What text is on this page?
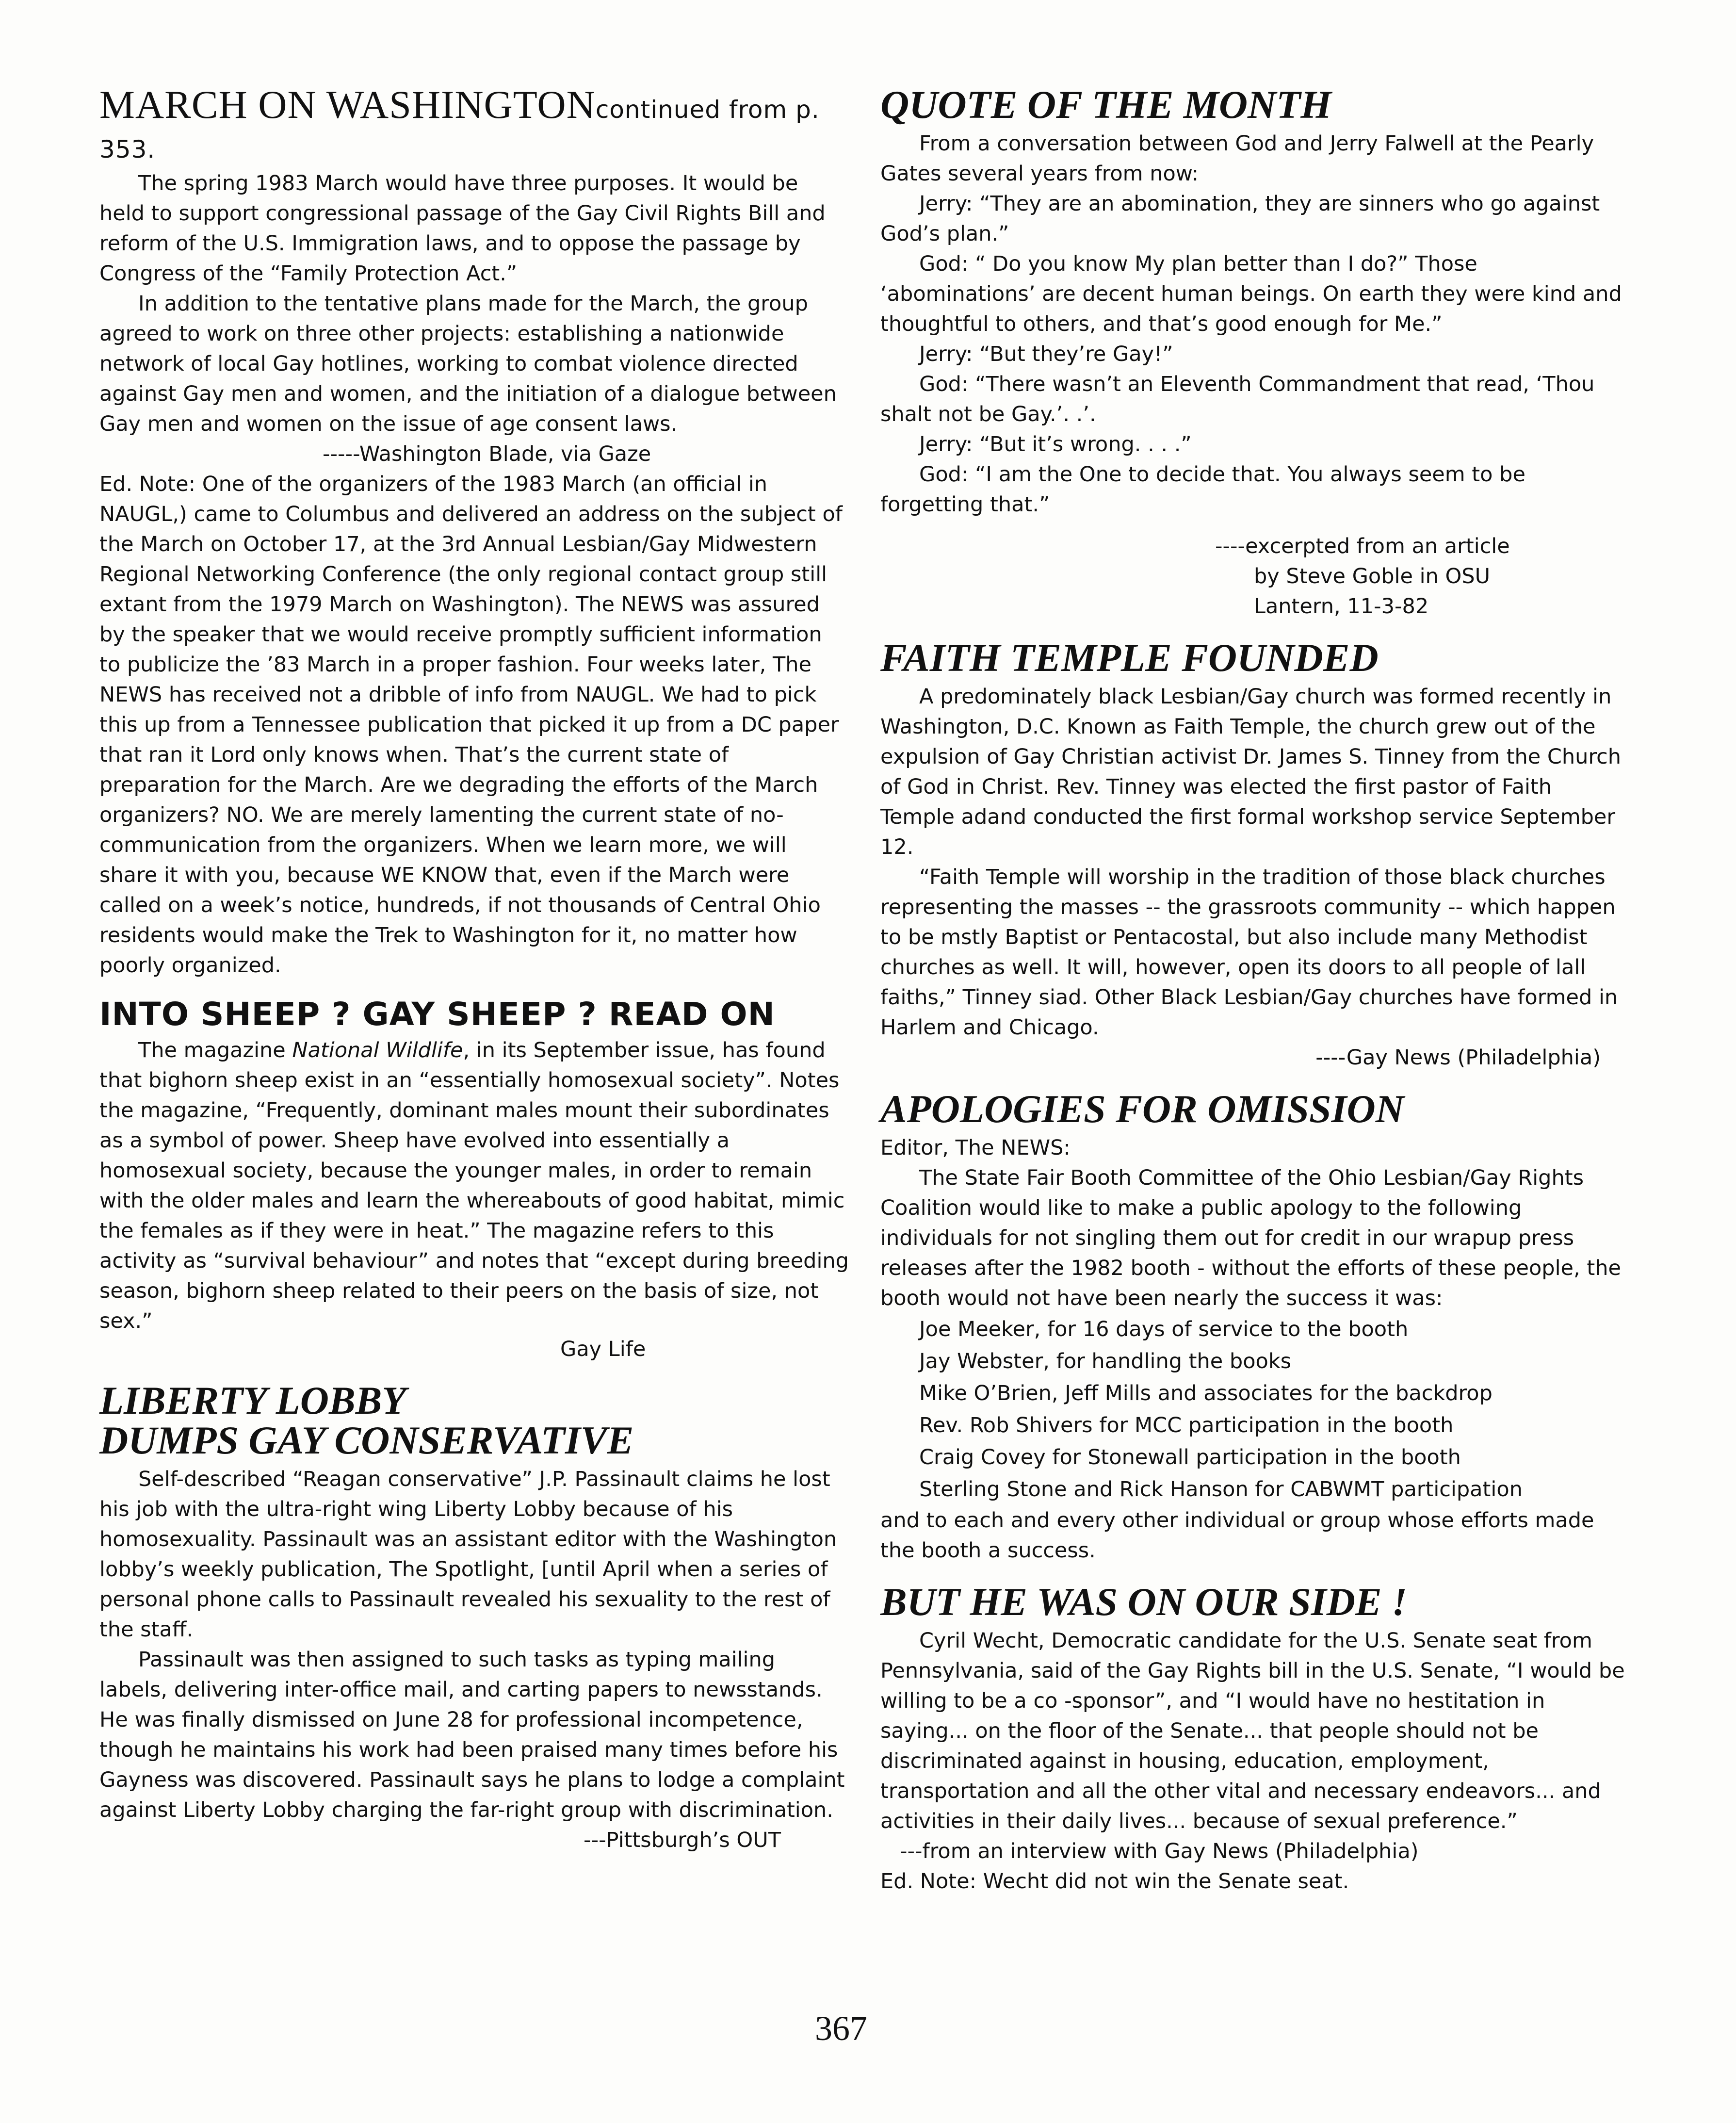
MARCH ON WASHINGTONcontinued from p. 353.

The spring 1983 March would have three purposes. It would be held to support congressional passage of the Gay Civil Rights Bill and reform of the U.S. Immigration laws, and to oppose the passage by Congress of the “Family Protection Act.”

In addition to the tentative plans made for the March, the group agreed to work on three other projects: establishing a nationwide network of local Gay hotlines, working to combat violence directed against Gay men and women, and the initiation of a dialogue between Gay men and women on the issue of age consent laws.

-----Washington Blade, via Gaze

Ed. Note: One of the organizers of the 1983 March (an official in NAUGL,) came to Columbus and delivered an address on the subject of the March on October 17, at the 3rd Annual Lesbian/Gay Midwestern Regional Networking Conference (the only regional contact group still extant from the 1979 March on Washington). The NEWS was assured by the speaker that we would receive promptly sufficient information to publicize the ’83 March in a proper fashion. Four weeks later, The NEWS has received not a dribble of info from NAUGL. We had to pick this up from a Tennessee publication that picked it up from a DC paper that ran it Lord only knows when. That’s the current state of preparation for the March. Are we degrading the efforts of the March organizers? NO. We are merely lamenting the current state of no-communication from the organizers. When we learn more, we will share it with you, because WE KNOW that, even if the March were called on a week’s notice, hundreds, if not thousands of Central Ohio residents would make the Trek to Washington for it, no matter how poorly organized.

INTO SHEEP ? GAY SHEEP ? READ ON

The magazine National Wildlife, in its September issue, has found that bighorn sheep exist in an “essentially homosexual society”. Notes the magazine, “Frequently, dominant males mount their subordinates as a symbol of power. Sheep have evolved into essentially a homosexual society, because the younger males, in order to remain with the older males and learn the whereabouts of good habitat, mimic the females as if they were in heat.” The magazine refers to this activity as “survival behaviour” and notes that “except during breeding season, bighorn sheep related to their peers on the basis of size, not sex.”

Gay Life

LIBERTY LOBBY
DUMPS GAY CONSERVATIVE

Self-described “Reagan conservative” J.P. Passinault claims he lost his job with the ultra-right wing Liberty Lobby because of his homosexuality. Passinault was an assistant editor with the Washington lobby’s weekly publication, The Spotlight, [until April when a series of personal phone calls to Passinault revealed his sexuality to the rest of the staff.

Passinault was then assigned to such tasks as typing mailing labels, delivering inter-office mail, and carting papers to newsstands. He was finally dismissed on June 28 for professional incompetence, though he maintains his work had been praised many times before his Gayness was discovered. Passinault says he plans to lodge a complaint against Liberty Lobby charging the far-right group with discrimination.

---Pittsburgh’s OUT

QUOTE OF THE MONTH

From a conversation between God and Jerry Falwell at the Pearly Gates several years from now:

Jerry: “They are an abomination, they are sinners who go against God’s plan.”

God: “ Do you know My plan better than I do?” Those ‘abominations’ are decent human beings. On earth they were kind and thoughtful to others, and that’s good enough for Me.”

Jerry: “But they’re Gay!”

God: “There wasn’t an Eleventh Commandment that read, ‘Thou shalt not be Gay.’. .’.

Jerry: “But it’s wrong. . . .”

God: “I am the One to decide that. You always seem to be forgetting that.”

----excerpted from an article
by Steve Goble in OSU
Lantern, 11-3-82
FAITH TEMPLE FOUNDED

A predominately black Lesbian/Gay church was formed recently in Washington, D.C. Known as Faith Temple, the church grew out of the expulsion of Gay Christian activist Dr. James S. Tinney from the Church of God in Christ. Rev. Tinney was elected the first pastor of Faith Temple adand conducted the first formal workshop service September 12.

“Faith Temple will worship in the tradition of those black churches representing the masses -- the grassroots community -- which happen to be mstly Baptist or Pentacostal, but also include many Methodist churches as well. It will, however, open its doors to all people of lall faiths,” Tinney siad. Other Black Lesbian/Gay churches have formed in Harlem and Chicago.

----Gay News (Philadelphia)

APOLOGIES FOR OMISSION

Editor, The NEWS:

The State Fair Booth Committee of the Ohio Lesbian/Gay Rights Coalition would like to make a public apology to the following individuals for not singling them out for credit in our wrapup press releases after the 1982 booth - without the efforts of these people, the booth would not have been nearly the success it was:

Joe Meeker, for 16 days of service to the booth

Jay Webster, for handling the books

Mike O’Brien, Jeff Mills and associates for the backdrop

Rev. Rob Shivers for MCC participation in the booth

Craig Covey for Stonewall participation in the booth

Sterling Stone and Rick Hanson for CABWMT participation

and to each and every other individual or group whose efforts made the booth a success.

BUT HE WAS ON OUR SIDE !

Cyril Wecht, Democratic candidate for the U.S. Senate seat from Pennsylvania, said of the Gay Rights bill in the U.S. Senate, “I would be willing to be a co -sponsor”, and “I would have no hestitation in saying... on the floor of the Senate... that people should not be discriminated against in housing, education, employment, transportation and all the other vital and necessary endeavors... and activities in their daily lives... because of sexual preference.”

---from an interview with Gay News (Philadelphia)

Ed. Note: Wecht did not win the Senate seat.

367
